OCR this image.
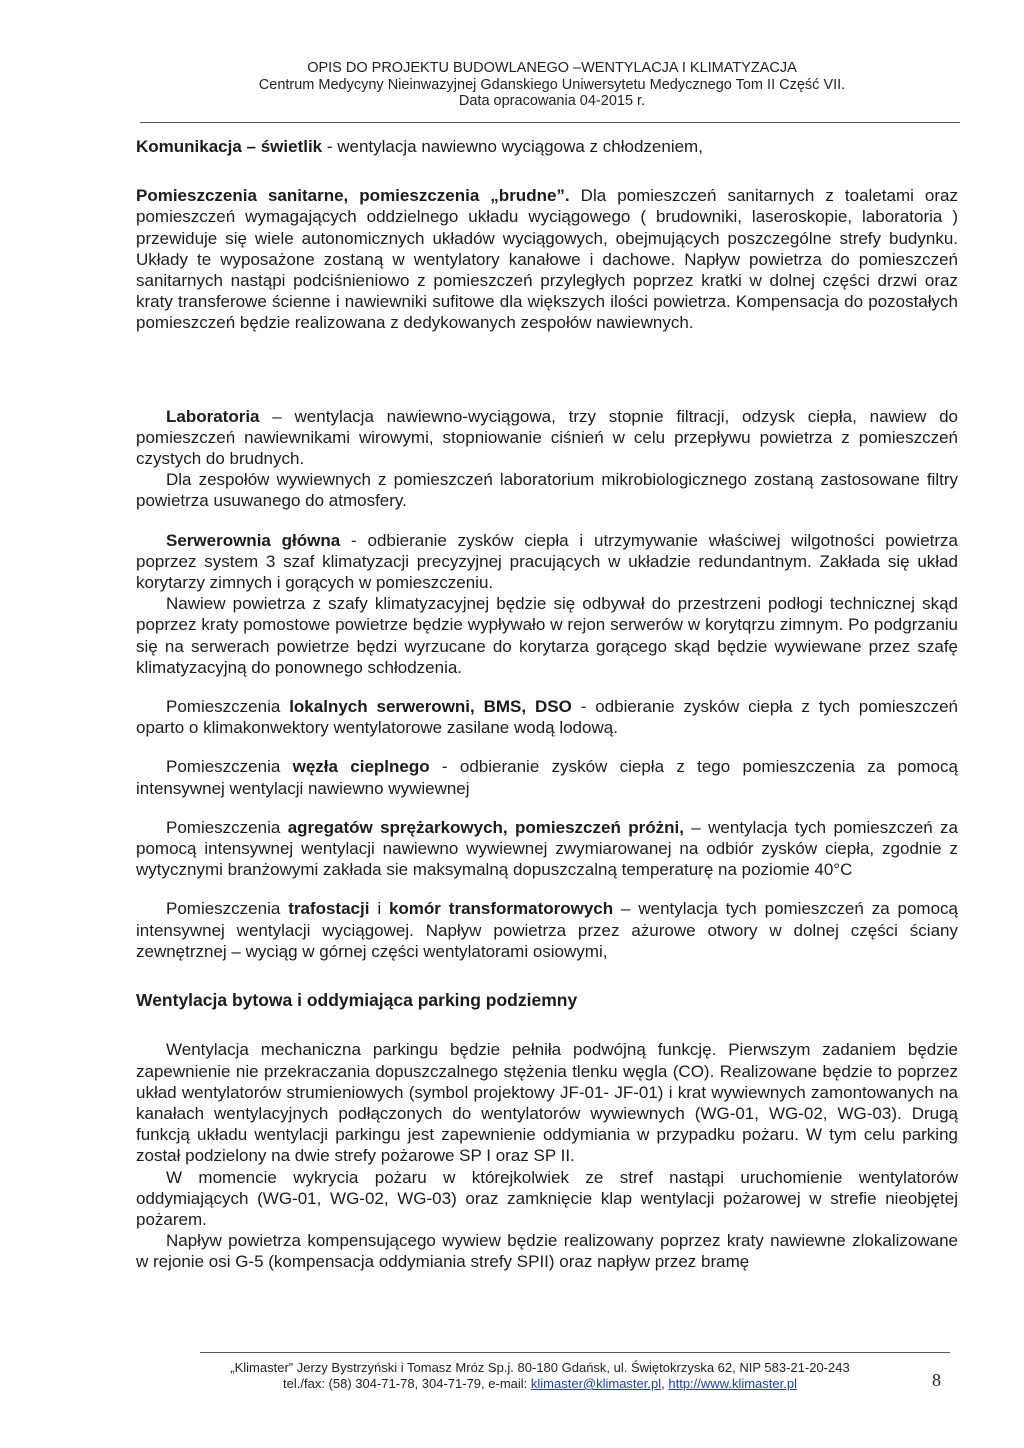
OPIS DO PROJEKTU BUDOWLANEGO –WENTYLACJA I KLIMATYZACJA
Centrum Medycyny Nieinwazyjnej Gdanskiego Uniwersytetu Medycznego Tom II Część VII.
Data opracowania 04-2015 r.

Komunikacja – świetlik - wentylacja nawiewno wyciągowa z chłodzeniem,

Pomieszczenia sanitarne, pomieszczenia „brudne”. Dla pomieszczeń sanitarnych z toaletami oraz pomieszczeń wymagających oddzielnego układu wyciągowego ( brudowniki, laseroskopie, laboratoria ) przewiduje się wiele autonomicznych układów wyciągowych, obejmujących poszczególne strefy budynku. Układy te wyposażone zostaną w wentylatory kanałowe i dachowe. Napływ powietrza do pomieszczeń sanitarnych nastąpi podciśnieniowo z pomieszczeń przyległych poprzez kratki w dolnej części drzwi oraz kraty transferowe ścienne i nawiewniki sufitowe dla większych ilości powietrza. Kompensacja do pozostałych pomieszczeń będzie realizowana z dedykowanych zespołów nawiewnych.

Laboratoria – wentylacja nawiewno-wyciągowa, trzy stopnie filtracji, odzysk ciepła, nawiew do pomieszczeń nawiewnikami wirowymi, stopniowanie ciśnień w celu przepływu powietrza z pomieszczeń czystych do brudnych.

Dla zespołów wywiewnych z pomieszczeń laboratorium mikrobiologicznego zostaną zastosowane filtry powietrza usuwanego do atmosfery.

Serwerownia główna - odbieranie zysków ciepła i utrzymywanie właściwej wilgotności powietrza poprzez system 3 szaf klimatyzacji precyzyjnej pracujących w układzie redundantnym. Zakłada się układ korytarzy zimnych i gorących w pomieszczeniu.

Nawiew powietrza z szafy klimatyzacyjnej będzie się odbywał do przestrzeni podłogi technicznej skąd poprzez kraty pomostowe powietrze będzie wypływało w rejon serwerów w korytqrzu zimnym. Po podgrzaniu się na serwerach powietrze będzi wyrzucane do korytarza gorącego skąd będzie wywiewane przez szafę klimatyzacyjną do ponownego schłodzenia.

Pomieszczenia lokalnych serwerowni, BMS, DSO - odbieranie zysków ciepła z tych pomieszczeń oparto o klimakonwektory wentylatorowe zasilane wodą lodową.

Pomieszczenia węzła cieplnego - odbieranie zysków ciepła z tego pomieszczenia za pomocą intensywnej wentylacji nawiewno wywiewnej

Pomieszczenia agregatów sprężarkowych, pomieszczeń próżni, – wentylacja tych pomieszczeń za pomocą intensywnej wentylacji nawiewno wywiewnej zwymiarowanej na odbiór zysków ciepła, zgodnie z wytycznymi branżowymi zakłada sie maksymalną dopuszczalną temperaturę na poziomie 40°C

Pomieszczenia trafostacji i komór transformatorowych – wentylacja tych pomieszczeń za pomocą intensywnej wentylacji wyciągowej. Napływ powietrza przez ażurowe otwory w dolnej części ściany zewnętrznej – wyciąg w górnej części wentylatorami osiowymi,

Wentylacja bytowa i oddymiająca parking podziemny

Wentylacja mechaniczna parkingu będzie pełniła podwójną funkcję. Pierwszym zadaniem będzie zapewnienie nie przekraczania dopuszczalnego stężenia tlenku węgla (CO). Realizowane będzie to poprzez układ wentylatorów strumieniowych (symbol projektowy JF-01- JF-01) i krat wywiewnych zamontowanych na kanałach wentylacyjnych podłączonych do wentylatorów wywiewnych (WG-01, WG-02, WG-03). Drugą funkcją układu wentylacji parkingu jest zapewnienie oddymiania w przypadku pożaru. W tym celu parking został podzielony na dwie strefy pożarowe SP I oraz SP II.

W momencie wykrycia pożaru w którejkolwiek ze stref nastąpi uruchomienie wentylatorów oddymiających (WG-01, WG-02, WG-03) oraz zamknięcie klap wentylacji pożarowej w strefie nieobjętej pożarem.

Napływ powietrza kompensującego wywiew będzie realizowany poprzez kraty nawiewne zlokalizowane w rejonie osi G-5 (kompensacja oddymiania strefy SPII) oraz napływ przez bramę

„Klimaster” Jerzy Bystrzyński i Tomasz Mróz Sp.j. 80-180 Gdańsk, ul. Świętokrzyska 62, NIP 583-21-20-243
tel./fax: (58) 304-71-78, 304-71-79, e-mail: klimaster@klimaster.pl, http://www.klimaster.pl	8
